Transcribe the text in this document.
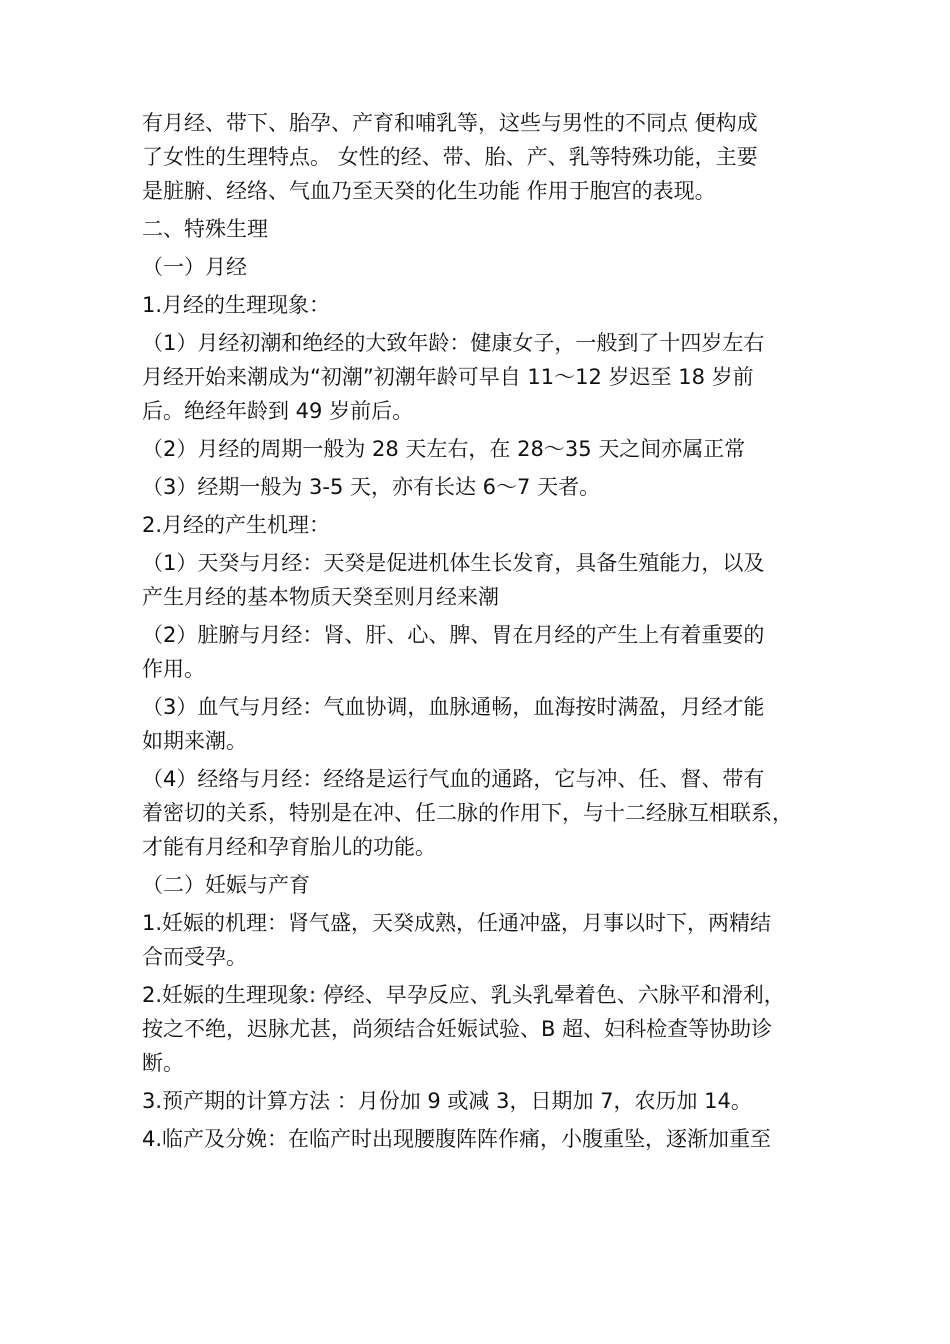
有月经、带下、胎孕、产育和哺乳等，这些与男性的不同点 便构成
了女性的生理特点。 女性的经、带、胎、产、乳等特殊功能，主要
是脏腑、经络、气血乃至天癸的化生功能 作用于胞宫的表现。
二、特殊生理
（一）月经
1.月经的生理现象：
（1）月经初潮和绝经的大致年龄：健康女子，一般到了十四岁左右
月经开始来潮成为“初潮”初潮年龄可早自 11～12 岁迟至 18 岁前
后。绝经年龄到 49 岁前后。
（2）月经的周期一般为 28 天左右，在 28～35 天之间亦属正常
（3）经期一般为 3-5 天，亦有长达 6～7 天者。
2.月经的产生机理：
（1）天癸与月经：天癸是促进机体生长发育，具备生殖能力，以及
产生月经的基本物质天癸至则月经来潮
（2）脏腑与月经：肾、肝、心、脾、胃在月经的产生上有着重要的
作用。
（3）血气与月经：气血协调，血脉通畅，血海按时满盈，月经才能
如期来潮。
（4）经络与月经：经络是运行气血的通路，它与冲、任、督、带有
着密切的关系，特别是在冲、任二脉的作用下，与十二经脉互相联系，
才能有月经和孕育胎儿的功能。
（二）妊娠与产育
1.妊娠的机理：肾气盛，天癸成熟，任通冲盛，月事以时下，两精结
合而受孕。
2.妊娠的生理现象: 停经、早孕反应、乳头乳晕着色、六脉平和滑利，
按之不绝，迟脉尤甚，尚须结合妊娠试验、B 超、妇科检查等协助诊
断。
3.预产期的计算方法 ：月份加 9 或减 3，日期加 7，农历加 14。
4.临产及分娩：在临产时出现腰腹阵阵作痛，小腹重坠，逐渐加重至
